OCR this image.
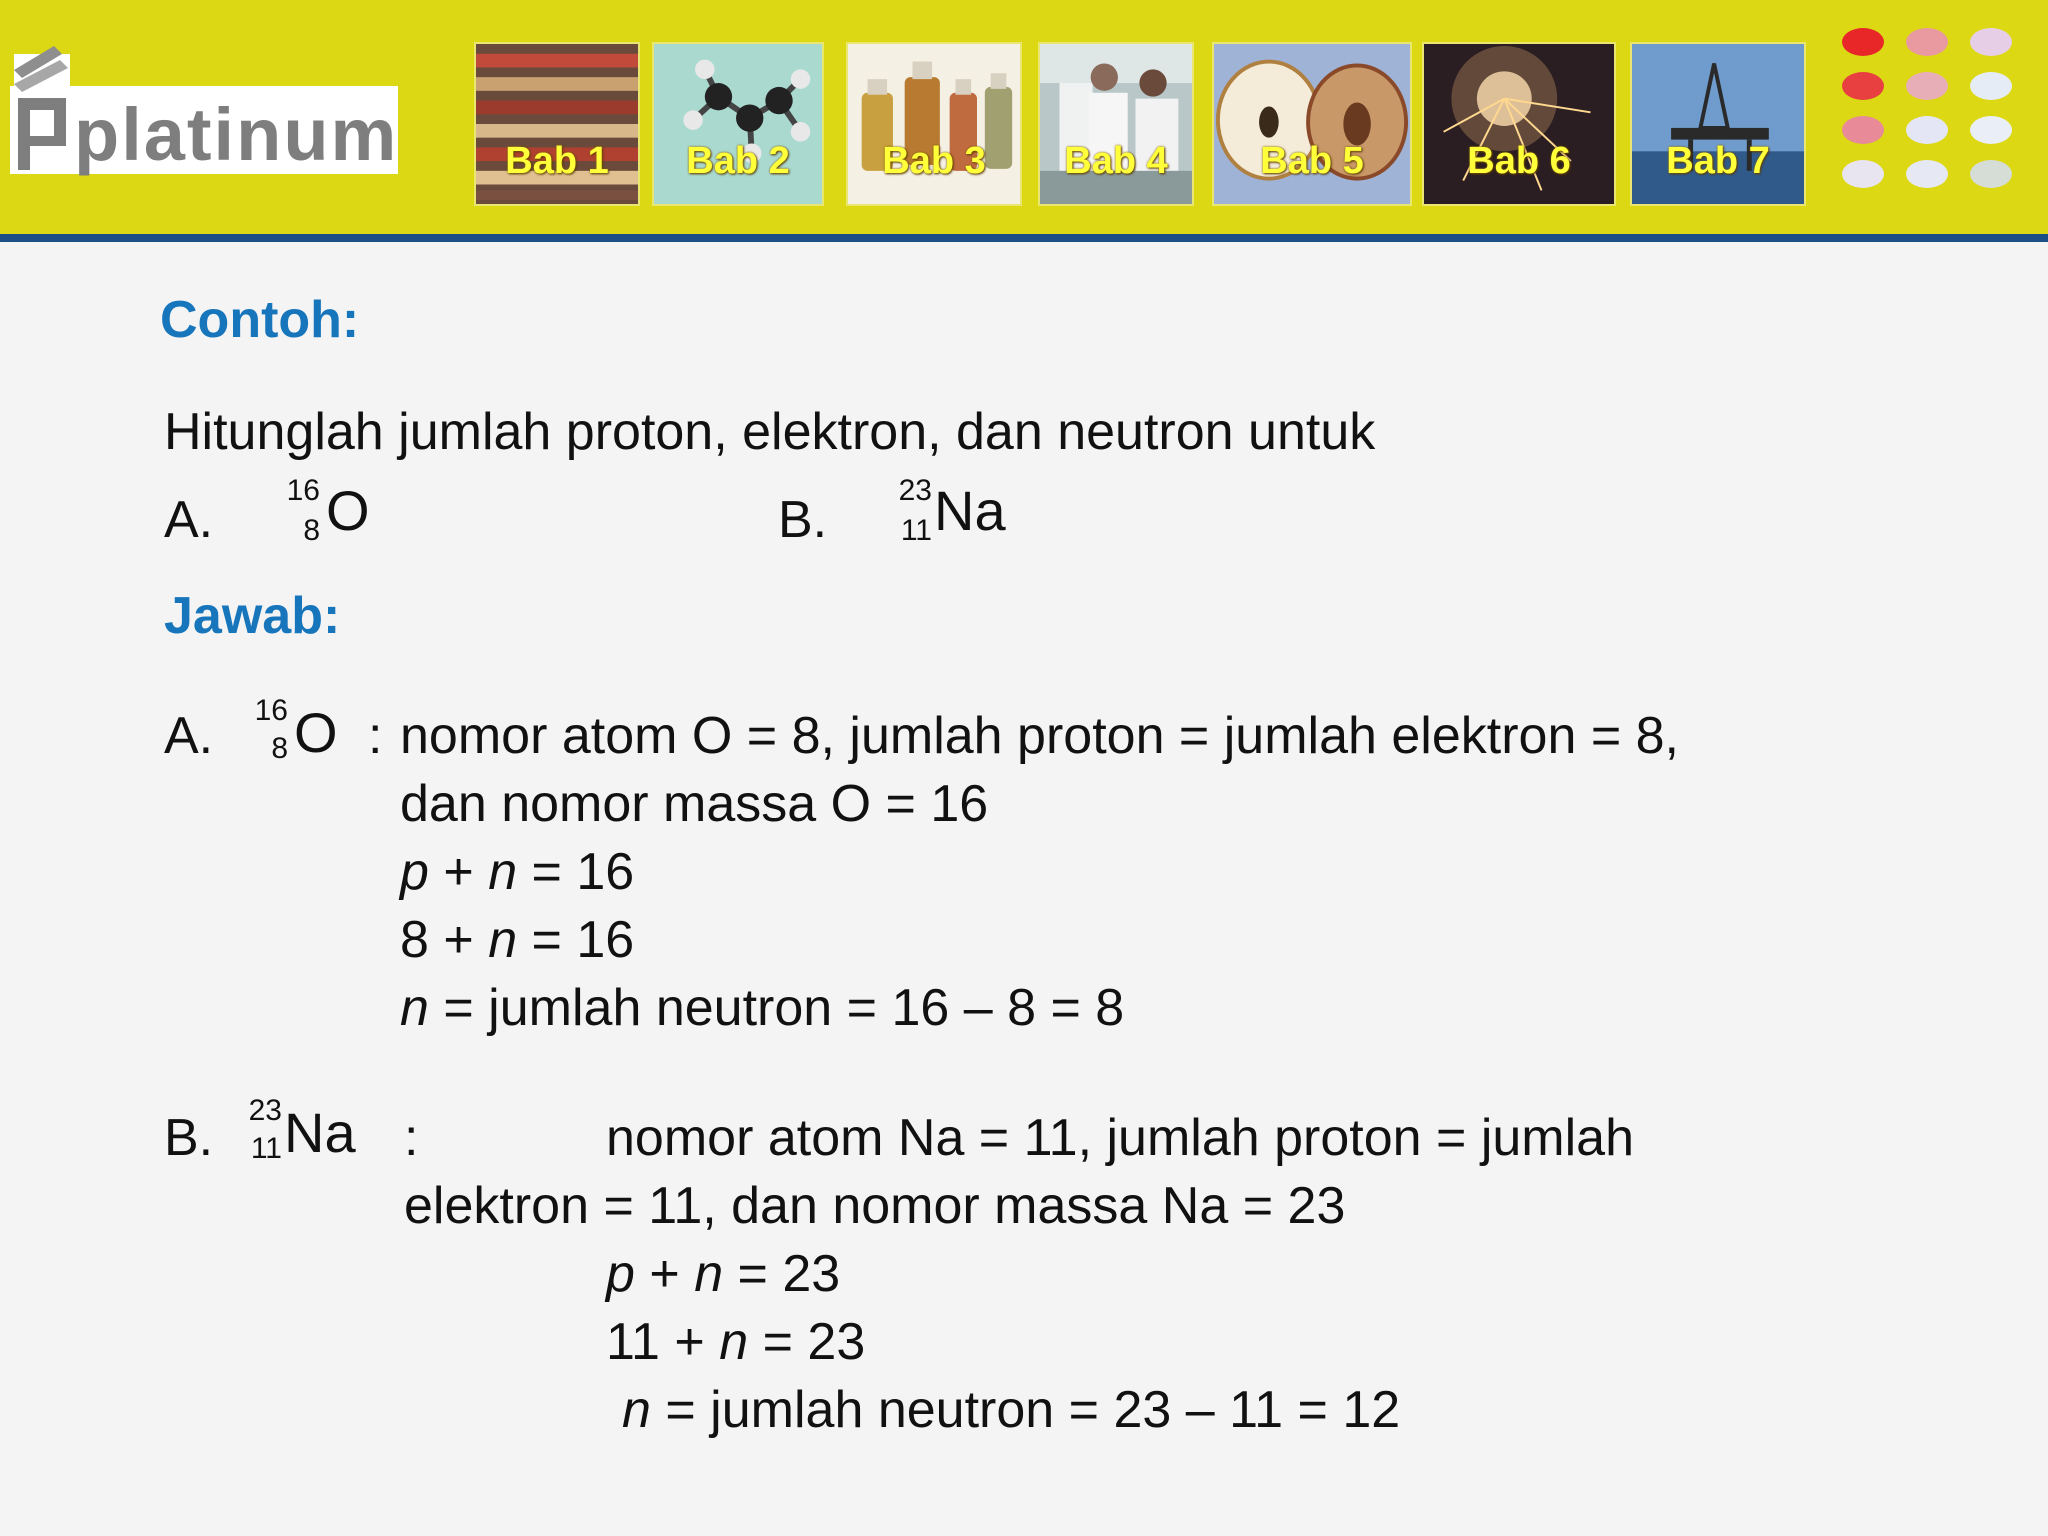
platinum	Bab 1	Bab 2	Bab 3	Bab 4	Bab 5	Bab 6	Bab 7
Contoh:
Hitunglah jumlah proton, elektron, dan neutron untuk
A.
16
8 O	B.
23
11 Na
Jawab:
A. 16
8 O : nomor atom O = 8, jumlah proton = jumlah elektron = 8,
dan nomor massa O = 16
p + n = 16
8 + n = 16
n = jumlah neutron = 16 – 8 = 8
B. 23
11 Na :	nomor atom Na = 11, jumlah proton = jumlah
elektron = 11, dan nomor massa Na = 23
p + n = 23
11 + n = 23
n = jumlah neutron = 23 – 11 = 12
